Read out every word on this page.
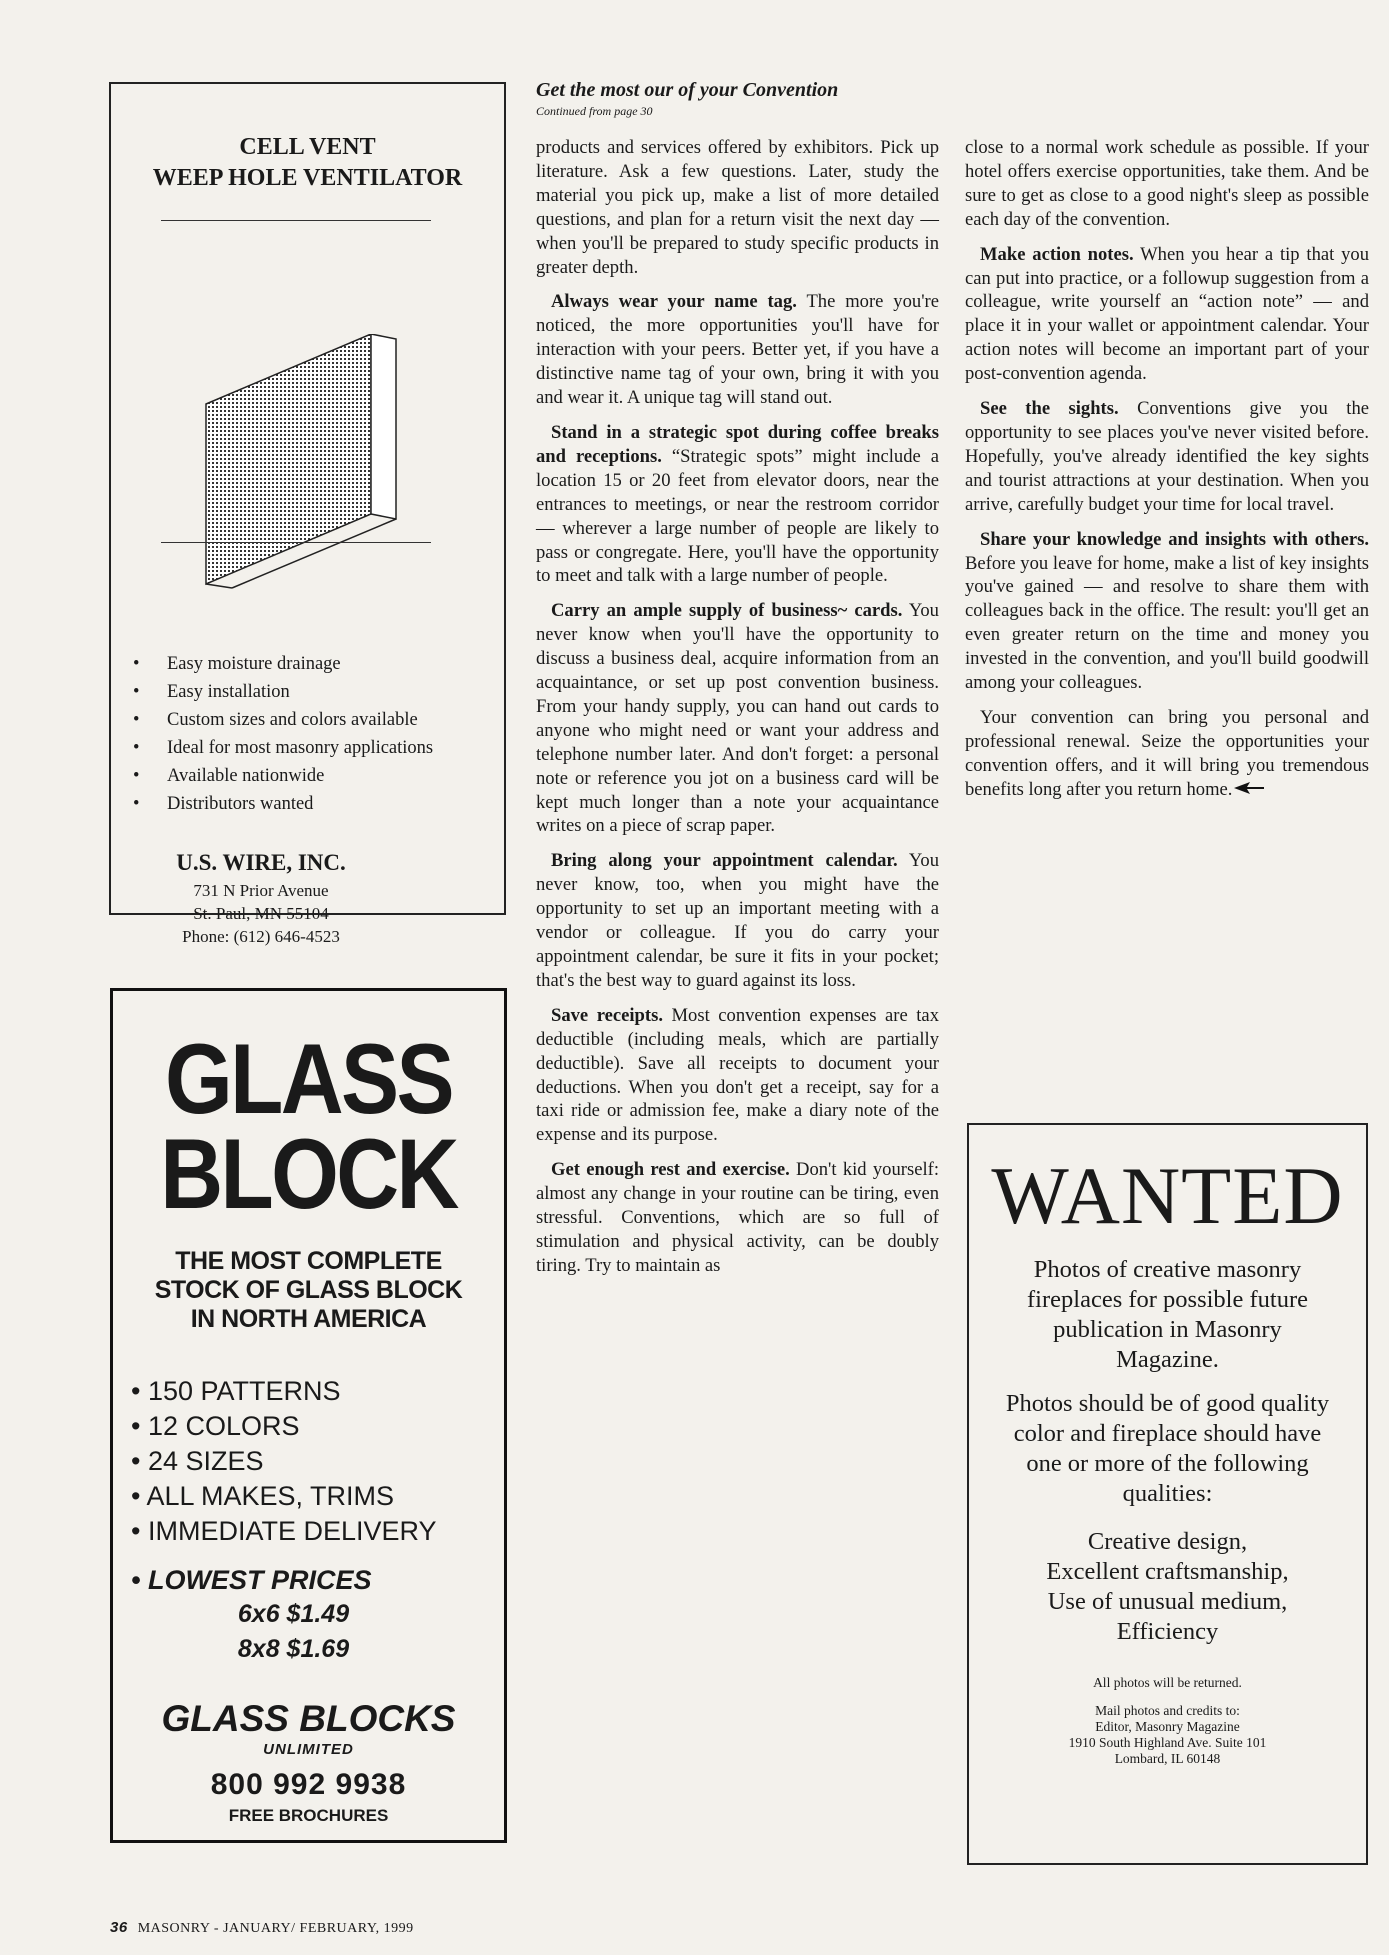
CELL VENT
WEEP HOLE VENTILATOR
• Easy moisture drainage
• Easy installation
• Custom sizes and colors available
• Ideal for most masonry applications
• Available nationwide
• Distributors wanted
U.S. WIRE, INC.
731 N Prior Avenue
St. Paul, MN 55104
Phone: (612) 646-4523
GLASS
BLOCK
THE MOST COMPLETE
STOCK OF GLASS BLOCK
IN NORTH AMERICA
• 150 PATTERNS
• 12 COLORS
• 24 SIZES
• ALL MAKES, TRIMS
• IMMEDIATE DELIVERY
• LOWEST PRICES
6x6 $1.49
8x8 $1.69
GLASS BLOCKS
UNLIMITED
800 992 9938
FREE BROCHURES
Get the most our of your Convention
Continued from page 30

products and services offered by exhibitors. Pick up literature. Ask a few questions. Later, study the material you pick up, make a list of more detailed questions, and plan for a return visit the next day — when you'll be prepared to study specific products in greater depth.

Always wear your name tag. The more you're noticed, the more opportunities you'll have for interaction with your peers. Better yet, if you have a distinctive name tag of your own, bring it with you and wear it. A unique tag will stand out.

Stand in a strategic spot during coffee breaks and receptions. “Strategic spots” might include a location 15 or 20 feet from elevator doors, near the entrances to meetings, or near the restroom corridor — wherever a large number of people are likely to pass or congregate. Here, you'll have the opportunity to meet and talk with a large number of people.

Carry an ample supply of business~ cards. You never know when you'll have the opportunity to discuss a business deal, acquire information from an acquaintance, or set up post convention business. From your handy supply, you can hand out cards to anyone who might need or want your address and telephone number later. And don't forget: a personal note or reference you jot on a business card will be kept much longer than a note your acquaintance writes on a piece of scrap paper.

Bring along your appointment calendar. You never know, too, when you might have the opportunity to set up an important meeting with a vendor or colleague. If you do carry your appointment calendar, be sure it fits in your pocket; that's the best way to guard against its loss.

Save receipts. Most convention expenses are tax deductible (including meals, which are partially deductible). Save all receipts to document your deductions. When you don't get a receipt, say for a taxi ride or admission fee, make a diary note of the expense and its purpose.

Get enough rest and exercise. Don't kid yourself: almost any change in your routine can be tiring, even stressful. Conventions, which are so full of stimulation and physical activity, can be doubly tiring. Try to maintain as

close to a normal work schedule as possible. If your hotel offers exercise opportunities, take them. And be sure to get as close to a good night's sleep as possible each day of the convention.

Make action notes. When you hear a tip that you can put into practice, or a followup suggestion from a colleague, write yourself an “action note” — and place it in your wallet or appointment calendar. Your action notes will become an important part of your post-convention agenda.

See the sights. Conventions give you the opportunity to see places you've never visited before. Hopefully, you've already identified the key sights and tourist attractions at your destination. When you arrive, carefully budget your time for local travel.

Share your knowledge and insights with others. Before you leave for home, make a list of key insights you've gained — and resolve to share them with colleagues back in the office. The result: you'll get an even greater return on the time and money you invested in the convention, and you'll build goodwill among your colleagues.

Your convention can bring you personal and professional renewal. Seize the opportunities your convention offers, and it will bring you tremendous benefits long after you return home.

WANTED
Photos of creative masonry fireplaces for possible future publication in Masonry Magazine.
Photos should be of good quality color and fireplace should have one or more of the following qualities:
Creative design,
Excellent craftsmanship,
Use of unusual medium,
Efficiency
All photos will be returned.
Mail photos and credits to:
Editor, Masonry Magazine
1910 South Highland Ave. Suite 101
Lombard, IL 60148
36 MASONRY - JANUARY/ FEBRUARY, 1999
